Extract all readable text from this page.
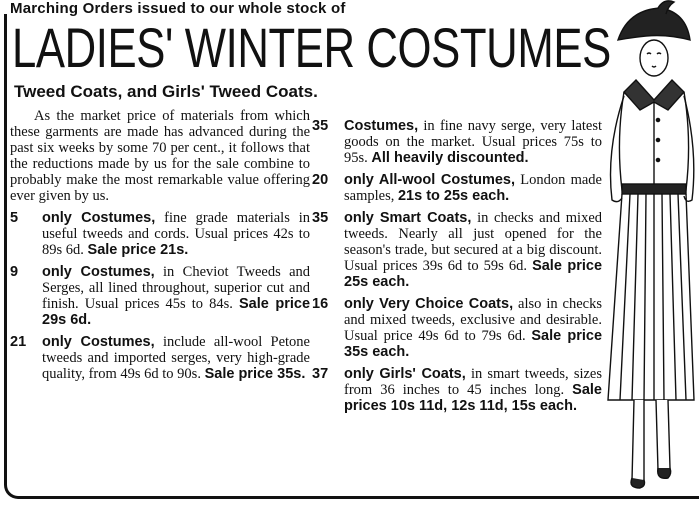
Marching Orders issued to our whole stock of
LADIES' WINTER COSTUMES
Tweed Coats, and Girls' Tweed Coats.

As the market price of materials from which these garments are made has advanced during the past six weeks by some 70 per cent., it follows that the reductions made by us for the sale combine to probably make the most remarkable value offering ever given by us.

5	only Costumes, fine grade materials in useful tweeds and cords. Usual prices 42s to 89s 6d. Sale price 21s.
9	only Costumes, in Cheviot Tweeds and Serges, all lined throughout, superior cut and finish. Usual prices 45s to 84s. Sale price 29s 6d.
21	only Costumes, include all-wool Petone tweeds and imported serges, very high-grade quality, from 49s 6d to 90s. Sale price 35s.
35	Costumes, in fine navy serge, very latest goods on the market. Usual prices 75s to 95s. All heavily discounted.
20	only All-wool Costumes, London made samples, 21s to 25s each.
35	only Smart Coats, in checks and mixed tweeds. Nearly all just opened for the season's trade, but secured at a big discount. Usual prices 39s 6d to 59s 6d. Sale price 25s each.
16	only Very Choice Coats, also in checks and mixed tweeds, exclusive and desirable. Usual price 49s 6d to 79s 6d. Sale price 35s each.
37	only Girls' Coats, in smart tweeds, sizes from 36 inches to 45 inches long. Sale prices 10s 11d, 12s 11d, 15s each.
